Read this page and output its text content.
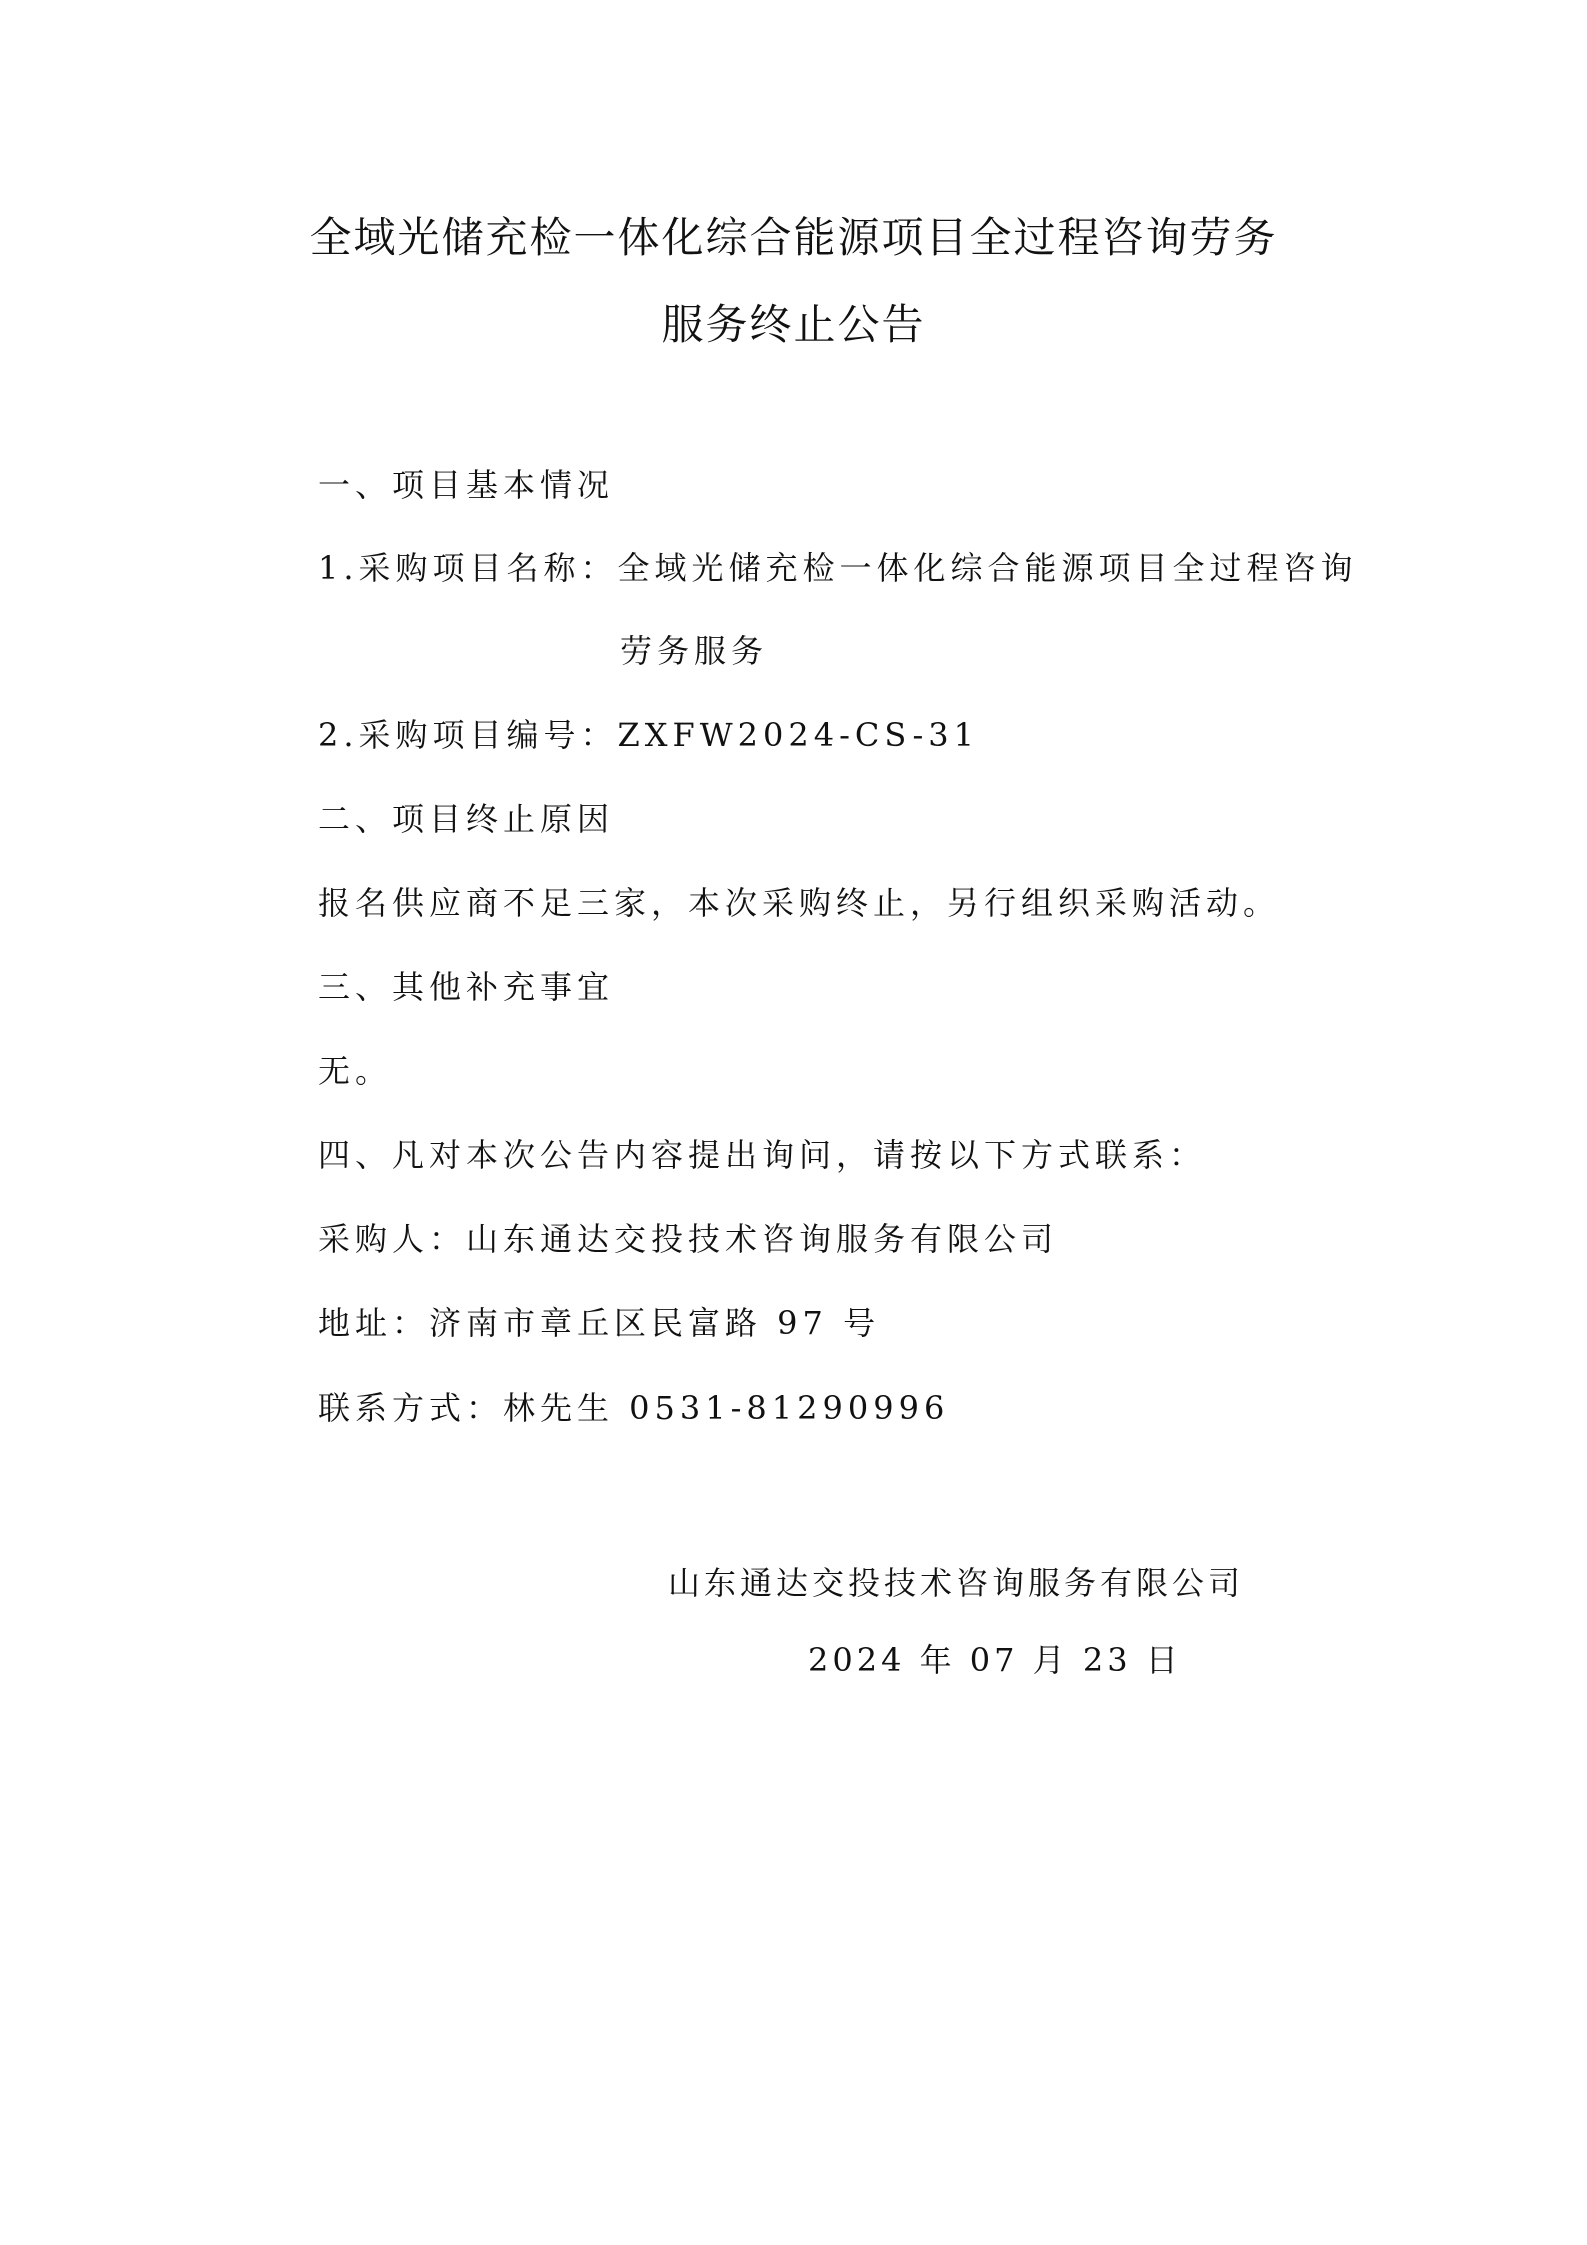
全域光储充检一体化综合能源项目全过程咨询劳务
服务终止公告
一、项目基本情况
1.采购项目名称：全域光储充检一体化综合能源项目全过程咨询
劳务服务
2.采购项目编号：ZXFW2024-CS-31
二、项目终止原因
报名供应商不足三家，本次采购终止，另行组织采购活动。
三、其他补充事宜
无。
四、凡对本次公告内容提出询问，请按以下方式联系：
采购人：山东通达交投技术咨询服务有限公司
地址：济南市章丘区民富路 97 号
联系方式：林先生 0531-81290996
山东通达交投技术咨询服务有限公司
2024 年 07 月 23 日
